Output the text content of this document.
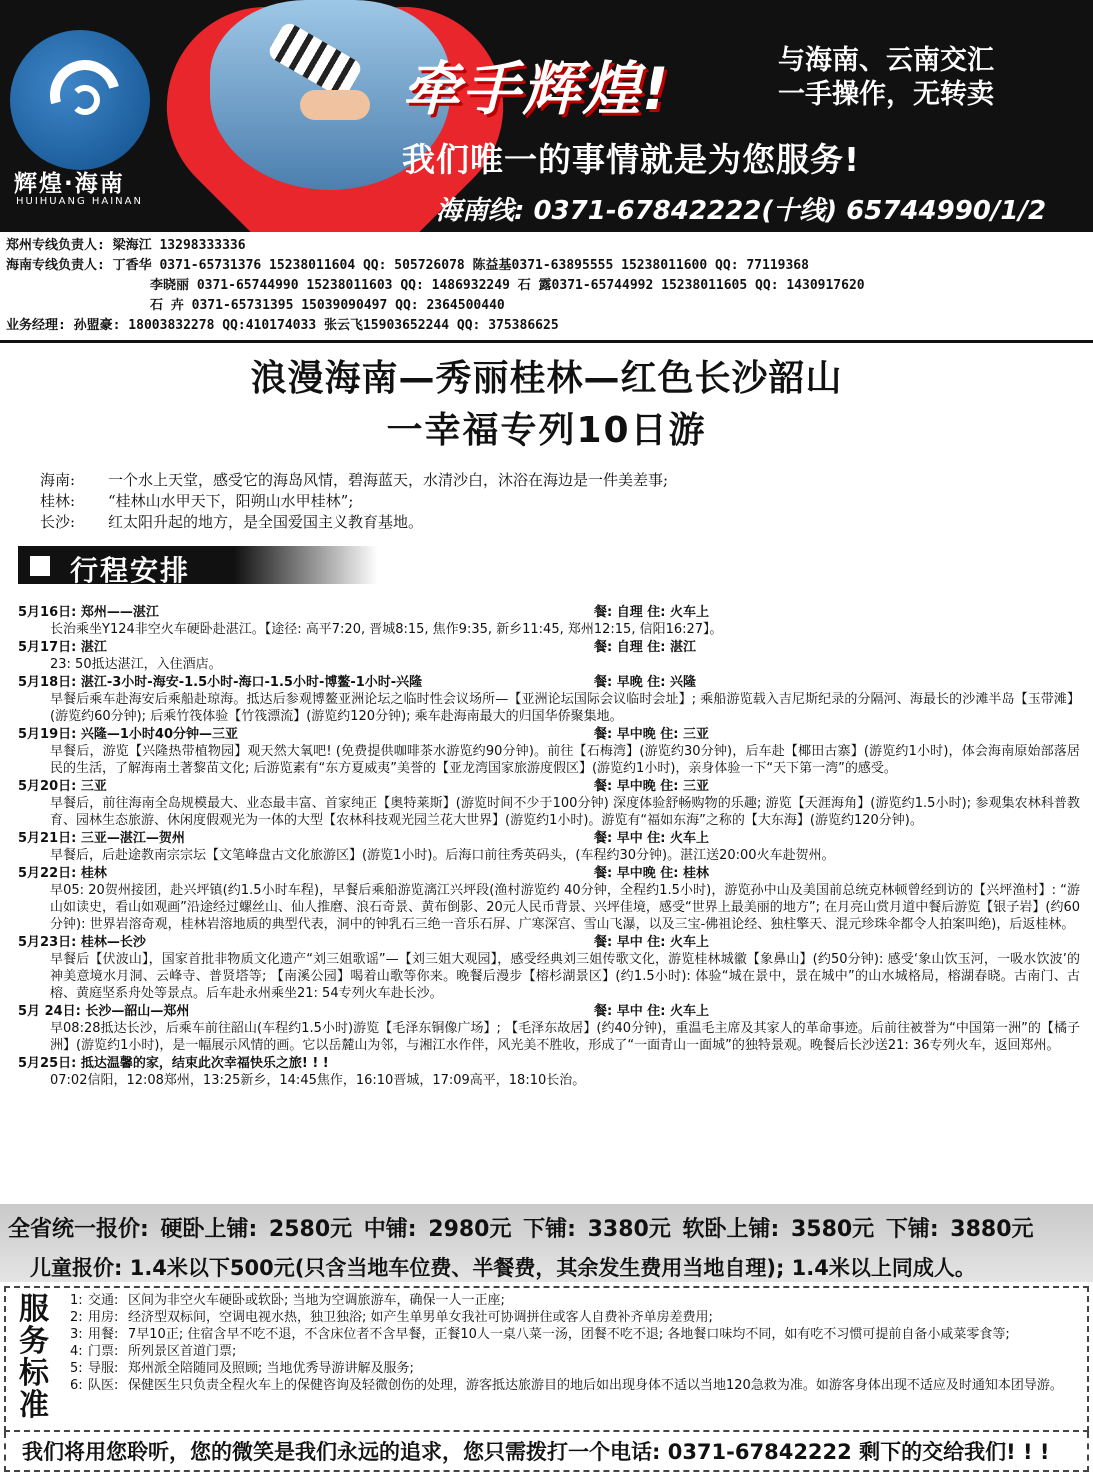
辉煌·海南
HUIHUANG HAINAN
牵手辉煌!	与海南、云南交汇
一手操作，无转卖
我们唯一的事情就是为您服务!
海南线: 0371-67842222(十线) 65744990/1/2
郑州专线负责人: 梁海江 13298333336
海南专线负责人: 丁香华 0371-65731376 15238011604 QQ: 505726078 陈益基0371-63895555 15238011600 QQ: 77119368
李晓丽 0371-65744990 15238011603 QQ: 1486932249 石 露0371-65744992 15238011605 QQ: 1430917620
石 卉 0371-65731395 15039090497 QQ: 2364500440
业务经理: 孙盟豪: 18003832278 QQ:410174033 张云飞15903652244 QQ: 375386625
浪漫海南—秀丽桂林—红色长沙韶山
一幸福专列10日游
海南: 一个水上天堂，感受它的海岛风情，碧海蓝天，水清沙白，沐浴在海边是一件美差事;
桂林: “桂林山水甲天下，阳朔山水甲桂林”;
长沙: 红太阳升起的地方，是全国爱国主义教育基地。
行程安排
5月16日: 郑州——湛江	餐: 自理 住: 火车上
长治乘坐Y124非空火车硬卧赴湛江。【途径: 高平7:20, 晋城8:15, 焦作9:35, 新乡11:45, 郑州12:15, 信阳16:27】。
5月17日: 湛江	餐: 自理 住: 湛江
23: 50抵达湛江，入住酒店。
5月18日: 湛江-3小时-海安-1.5小时-海口-1.5小时-博鳌-1小时-兴隆	餐: 早晚 住: 兴隆
早餐后乘车赴海安后乘船赴琼海。抵达后参观博鳌亚洲论坛之临时性会议场所—【亚洲论坛国际会议临时会址】; 乘船游览载入吉尼斯纪录的分隔河、海最长的沙滩半岛【玉带滩】(游览约60分钟); 后乘竹筏体验【竹筏漂流】(游览约120分钟); 乘车赴海南最大的归国华侨聚集地。
5月19日: 兴隆—1小时40分钟—三亚	餐: 早中晚 住: 三亚
早餐后，游览【兴隆热带植物园】观天然大氧吧! (免费提供咖啡茶水游览约90分钟)。前往【石梅湾】(游览约30分钟)，后车赴【椰田古寨】(游览约1小时)，体会海南原始部落居民的生活，了解海南土著黎苗文化; 后游览素有“东方夏威夷”美誉的【亚龙湾国家旅游度假区】(游览约1小时)，亲身体验一下“天下第一湾”的感受。
5月20日: 三亚	餐: 早中晚 住: 三亚
早餐后，前往海南全岛规模最大、业态最丰富、首家纯正【奥特莱斯】(游览时间不少于100分钟) 深度体验舒畅购物的乐趣; 游览【天涯海角】(游览约1.5小时); 参观集农林科普教育、园林生态旅游、休闲度假观光为一体的大型【农林科技观光园兰花大世界】(游览约1小时)。游览有“福如东海”之称的【大东海】(游览约120分钟)。
5月21日: 三亚—湛江—贺州	餐: 早中 住: 火车上
早餐后，后赴途教南宗宗坛【文笔峰盘古文化旅游区】(游览1小时)。后海口前往秀英码头，(车程约30分钟)。湛江送20:00火车赴贺州。
5月22日: 桂林	餐: 早中晚 住: 桂林
早05: 20贺州接团，赴兴坪镇(约1.5小时车程)，早餐后乘船游览漓江兴坪段(渔村游览约 40分钟，全程约1.5小时)，游览孙中山及美国前总统克林顿曾经到访的【兴坪渔村】: “游山如读史，看山如观画”沿途经过螺丝山、仙人推磨、浪石奇景、黄布倒影、20元人民币背景、兴坪佳境，感受“世界上最美丽的地方”; 在月亮山赏月道中餐后游览【银子岩】(约60分钟): 世界岩溶奇观，桂林岩溶地质的典型代表，洞中的钟乳石三绝一音乐石屏、广寒深宫、雪山飞瀑，以及三宝-佛祖论经、独柱擎天、混元珍珠伞都令人拍案叫绝)，后返桂林。
5月23日: 桂林—长沙	餐: 早中 住: 火车上
早餐后【伏波山】，国家首批非物质文化遗产“刘三姐歌谣”—【刘三姐大观园】，感受经典刘三姐传歌文化，游览桂林城徽【象鼻山】(约50分钟): 感受‘象山饮玉河，一吸水饮波’的神美意境水月洞、云峰寺、普贤塔等; 【南溪公园】喝着山歌等你来。晚餐后漫步【榕杉湖景区】(约1.5小时): 体验“城在景中，景在城中”的山水城格局，榕湖春晓。古南门、古榕、黄庭坚系舟处等景点。后车赴永州乘坐21: 54专列火车赴长沙。
5月 24日: 长沙—韶山—郑州	餐: 早中 住: 火车上
早08:28抵达长沙，后乘车前往韶山(车程约1.5小时)游览【毛泽东铜像广场】; 【毛泽东故居】(约40分钟)，重温毛主席及其家人的革命事迹。后前往被誉为“中国第一洲”的【橘子洲】(游览约1小时)，是一幅展示风情的画。它以岳麓山为邻，与湘江水作伴，风光美不胜收，形成了“一面青山一面城”的独特景观。晚餐后长沙送21: 36专列火车，返回郑州。
5月25日: 抵达温馨的家，结束此次幸福快乐之旅! ! !
07:02信阳，12:08郑州，13:25新乡，14:45焦作，16:10晋城，17:09高平，18:10长治。
全省统一报价: 硬卧上铺: 2580元 中铺: 2980元 下铺: 3380元 软卧上铺: 3580元 下铺: 3880元
儿童报价: 1.4米以下500元(只含当地车位费、半餐费，其余发生费用当地自理); 1.4米以上同成人。
服
务
标
准
1: 交通: 区间为非空火车硬卧或软卧; 当地为空调旅游车，确保一人一正座;
2: 用房: 经济型双标间，空调电视水热，独卫独浴; 如产生单男单女我社可协调拼住或客人自费补齐单房差费用;
3: 用餐: 7早10正; 住宿含早不吃不退，不含床位者不含早餐，正餐10人一桌八菜一汤，团餐不吃不退; 各地餐口味均不同，如有吃不习惯可提前自备小咸菜零食等;
4: 门票: 所列景区首道门票;
5: 导服: 郑州派全陪随同及照顾; 当地优秀导游讲解及服务;
6: 队医: 保健医生只负责全程火车上的保健咨询及轻微创伤的处理，游客抵达旅游目的地后如出现身体不适以当地120急救为准。如游客身体出现不适应及时通知本团导游。
我们将用您聆听，您的微笑是我们永远的追求，您只需拨打一个电话: 0371-67842222 剩下的交给我们! ! !
